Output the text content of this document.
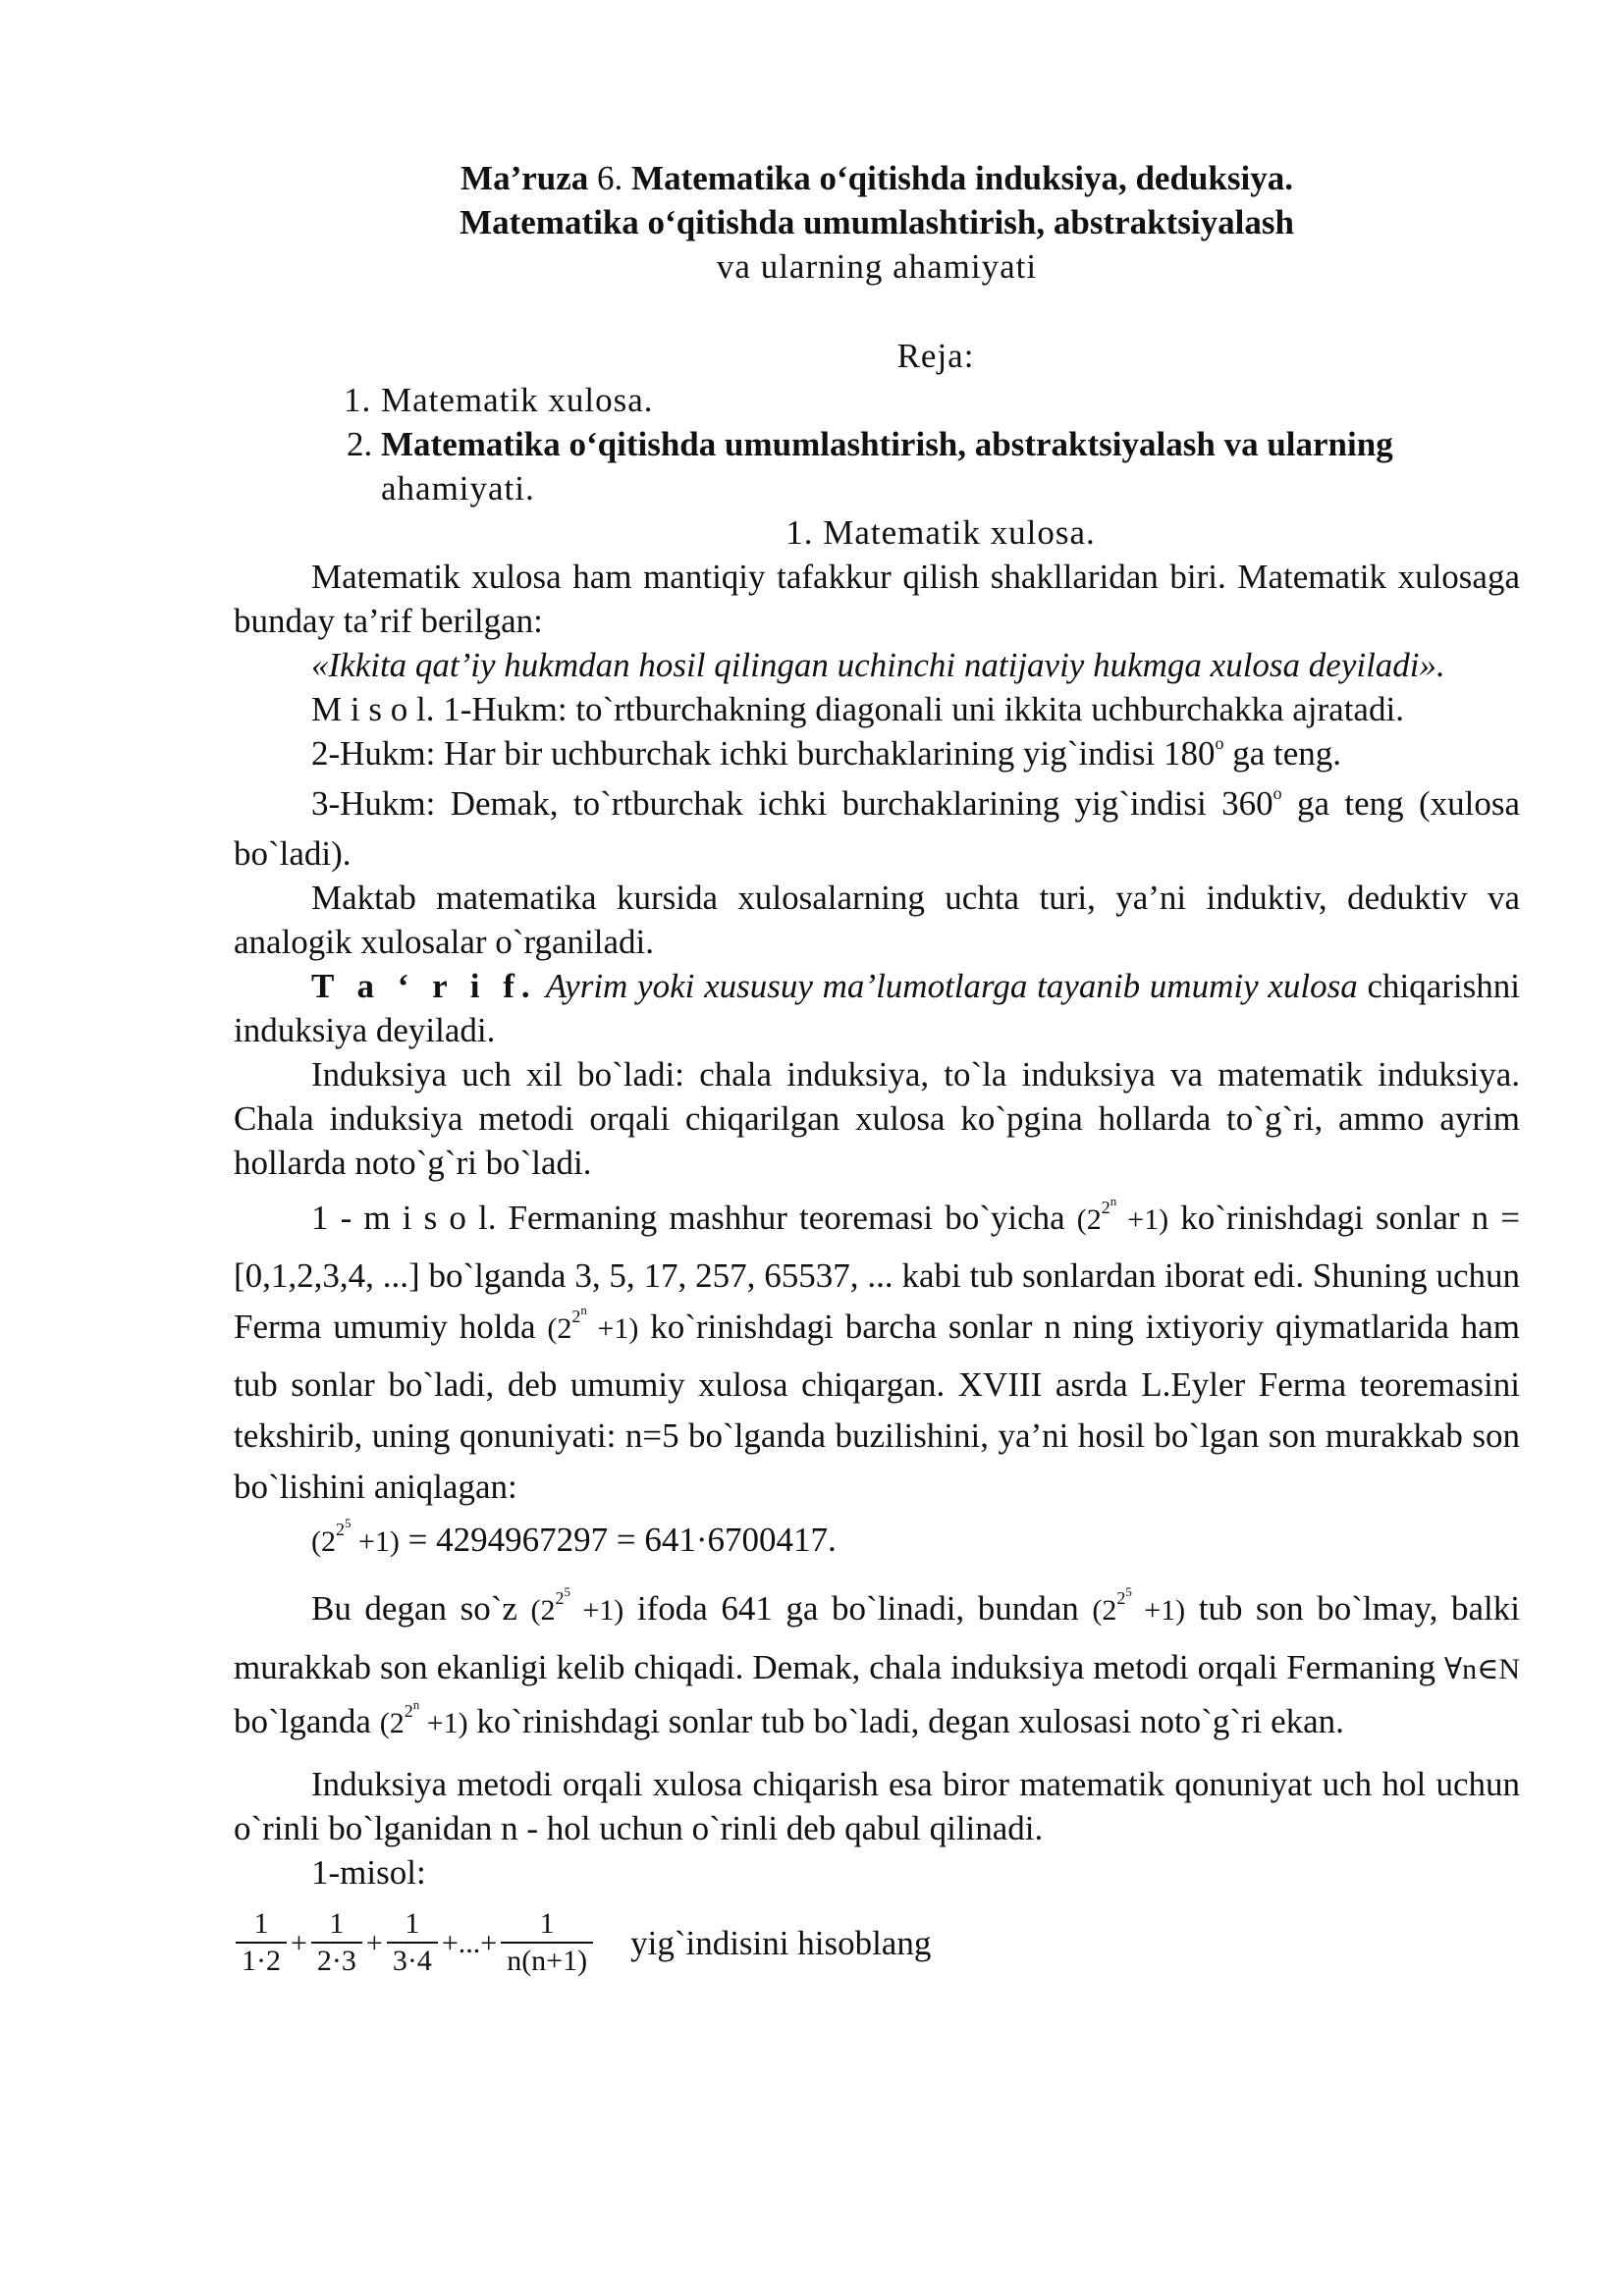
Ma’ruza 6. Matematika o‘qitishda induksiya, deduksiya.
Matematika o‘qitishda umumlashtirish, abstraktsiyalash
va ularning ahamiyati
Reja:
1. Matematik xulosa.
2. Matematika o‘qitishda umumlashtirish, abstraktsiyalash va ularning
ahamiyati.
1. Matematik xulosa.

Matematik xulosa ham mantiqiy tafakkur qilish shakllaridan biri. Matematik xulosaga bunday ta’rif berilgan:

«Ikkita qat’iy hukmdan hosil qilingan uchinchi natijaviy hukmga xulosa deyiladi».

M i s o l. 1-Hukm: to`rtburchakning diagonali uni ikkita uchburchakka ajratadi.

2-Hukm: Har bir uchburchak ichki burchaklarining yig`indisi 180$^o$ ga teng.

3-Hukm: Demak, to`rtburchak ichki burchaklarining yig`indisi 360$^o$ ga teng (xulosa bo`ladi).

Maktab matematika kursida xulosalarning uchta turi, ya’ni induktiv, deduktiv va analogik xulosalar o`rganiladi.

T a ‘ r i f. Ayrim yoki xususuy ma’lumotlarga tayanib umumiy xulosa chiqarishni induksiya deyiladi.

Induksiya uch xil bo`ladi: chala induksiya, to`la induksiya va matematik induksiya. Chala induksiya metodi orqali chiqarilgan xulosa ko`pgina hollarda to`g`ri, ammo ayrim hollarda noto`g`ri bo`ladi.

1 - m i s o l. Fermaning mashhur teoremasi bo`yicha $(2^{2n} +1)$ ko`rinishdagi sonlar n = [0,1,2,3,4, ...] bo`lganda 3, 5, 17, 257, 65537, ... kabi tub sonlardan iborat edi. Shuning uchun Ferma umumiy holda $(2^{2n} +1)$ ko`rinishdagi barcha sonlar n ning ixtiyoriy qiymatlarida ham tub sonlar bo`ladi, deb umumiy xulosa chiqargan. XVIII asrda L.Eyler Ferma teoremasini tekshirib, uning qonuniyati: n=5 bo`lganda buzilishini, ya’ni hosil bo`lgan son murakkab son bo`lishini aniqlagan:

$(2^{25} +1) = 4294967297 = 641\cdot 6700417$.

Bu degan so`z $(2^{25} +1)$ ifoda 641 ga bo`linadi, bundan $(2^{25} +1)$ tub son bo`lmay, balki murakkab son ekanligi kelib chiqadi. Demak, chala induksiya metodi orqali Fermaning ∀n∈N bo`lganda $(2^{2n} +1)$ ko`rinishdagi sonlar tub bo`ladi, degan xulosasi noto`g`ri ekan.

Induksiya metodi orqali xulosa chiqarish esa biror matematik qonuniyat uch hol uchun o`rinli bo`lganidan n - hol uchun o`rinli deb qabul qilinadi.

1-misol:

$\frac{1}{1\cdot 2} + \frac{1}{2\cdot 3} + \frac{1}{3\cdot 4}$ +...+ $\frac{1}{n(n+1)}$ yig`indisini hisoblang
